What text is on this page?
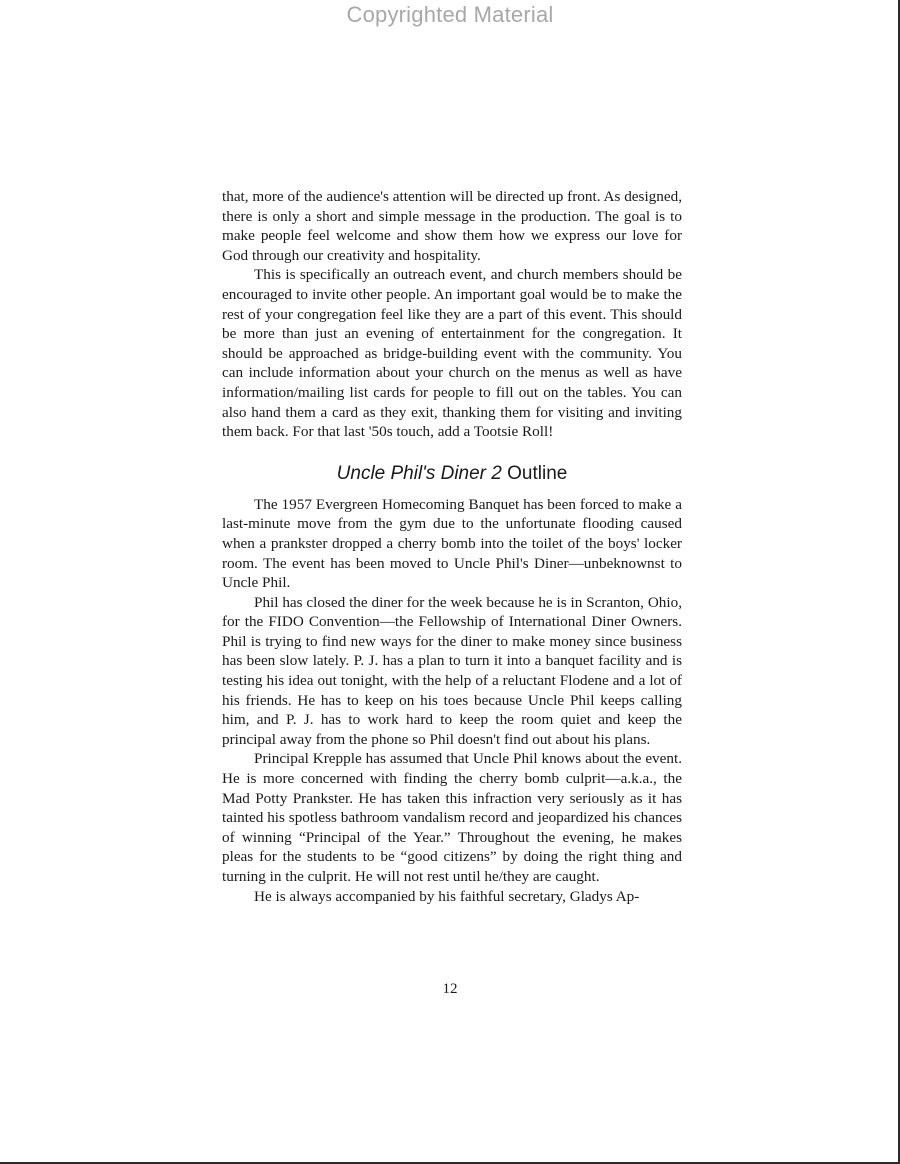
Copyrighted Material

that, more of the audience's attention will be directed up front. As designed, there is only a short and simple message in the production. The goal is to make people feel welcome and show them how we express our love for God through our creativity and hospitality.

This is specifically an outreach event, and church members should be encouraged to invite other people. An important goal would be to make the rest of your congregation feel like they are a part of this event. This should be more than just an evening of entertainment for the congregation. It should be approached as bridge-building event with the community. You can include information about your church on the menus as well as have information/mailing list cards for people to fill out on the tables. You can also hand them a card as they exit, thanking them for visiting and inviting them back. For that last '50s touch, add a Tootsie Roll!

Uncle Phil's Diner 2 Outline

The 1957 Evergreen Homecoming Banquet has been forced to make a last-minute move from the gym due to the unfortunate flooding caused when a prankster dropped a cherry bomb into the toilet of the boys' locker room. The event has been moved to Uncle Phil's Diner—unbeknownst to Uncle Phil.

Phil has closed the diner for the week because he is in Scranton, Ohio, for the FIDO Convention—the Fellowship of International Diner Owners. Phil is trying to find new ways for the diner to make money since business has been slow lately. P. J. has a plan to turn it into a banquet facility and is testing his idea out tonight, with the help of a reluctant Flodene and a lot of his friends. He has to keep on his toes because Uncle Phil keeps calling him, and P. J. has to work hard to keep the room quiet and keep the principal away from the phone so Phil doesn't find out about his plans.

Principal Krepple has assumed that Uncle Phil knows about the event. He is more concerned with finding the cherry bomb culprit—a.k.a., the Mad Potty Prankster. He has taken this infraction very seriously as it has tainted his spotless bathroom vandalism record and jeopardized his chances of winning “Principal of the Year.” Throughout the evening, he makes pleas for the students to be “good citizens” by doing the right thing and turning in the culprit. He will not rest until he/they are caught.

He is always accompanied by his faithful secretary, Gladys Ap-

12
